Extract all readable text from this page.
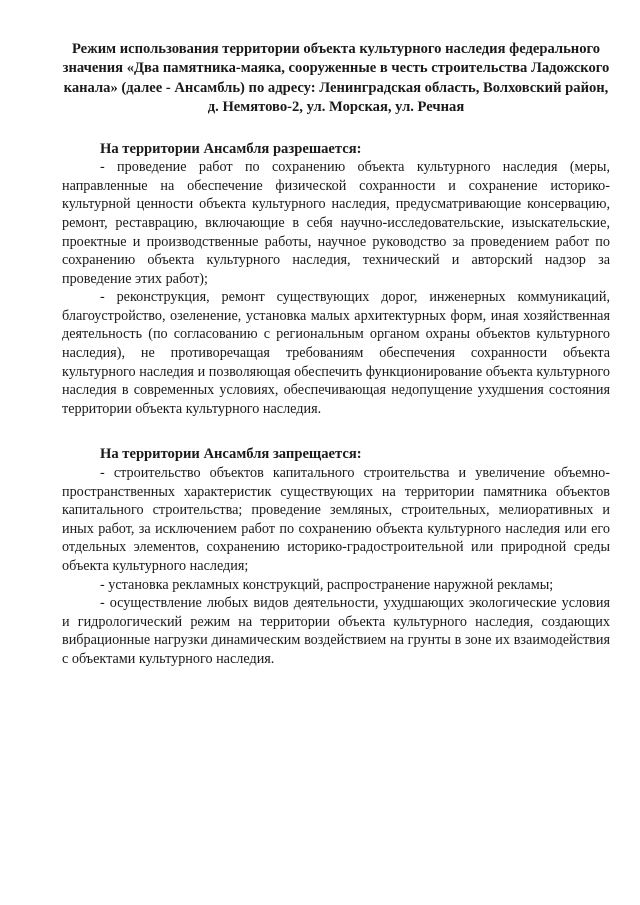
Режим использования территории объекта культурного наследия федерального значения «Два памятника-маяка, сооруженные в честь строительства Ладожского канала» (далее - Ансамбль) по адресу: Ленинградская область, Волховский район, д. Немятово-2, ул. Морская, ул. Речная

На территории Ансамбля разрешается:

- проведение работ по сохранению объекта культурного наследия (меры, направленные на обеспечение физической сохранности и сохранение историко-культурной ценности объекта культурного наследия, предусматривающие консервацию, ремонт, реставрацию, включающие в себя научно-исследовательские, изыскательские, проектные и производственные работы, научное руководство за проведением работ по сохранению объекта культурного наследия, технический и авторский надзор за проведение этих работ);

- реконструкция, ремонт существующих дорог, инженерных коммуникаций, благоустройство, озеленение, установка малых архитектурных форм, иная хозяйственная деятельность (по согласованию с региональным органом охраны объектов культурного наследия), не противоречащая требованиям обеспечения сохранности объекта культурного наследия и позволяющая обеспечить функционирование объекта культурного наследия в современных условиях, обеспечивающая недопущение ухудшения состояния территории объекта культурного наследия.

На территории Ансамбля запрещается:

- строительство объектов капитального строительства и увеличение объемно-пространственных характеристик существующих на территории памятника объектов капитального строительства; проведение земляных, строительных, мелиоративных и иных работ, за исключением работ по сохранению объекта культурного наследия или его отдельных элементов, сохранению историко-градостроительной или природной среды объекта культурного наследия;

- установка рекламных конструкций, распространение наружной рекламы;

- осуществление любых видов деятельности, ухудшающих экологические условия и гидрологический режим на территории объекта культурного наследия, создающих вибрационные нагрузки динамическим воздействием на грунты в зоне их взаимодействия с объектами культурного наследия.
